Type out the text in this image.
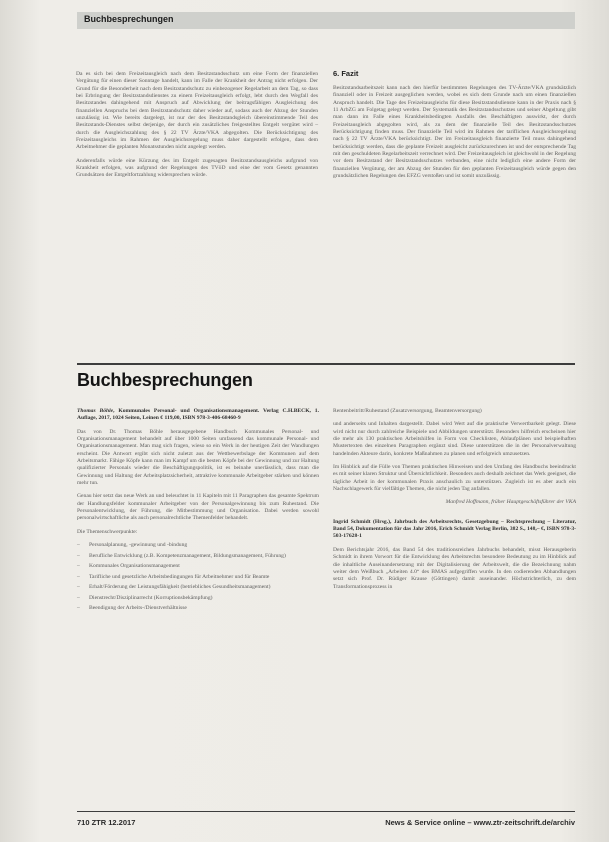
Buchbesprechungen

Da es sich bei dem Freizeitausgleich nach dem Besitzstandsschutz um eine Form der finanziellen Vergütung für einen dieser Sonntage handelt, kann im Falle der Krankheit der Antrag nicht erfolgen. Der Grund für die Besonderheit nach dem Besitzstandschutz zu einbezogener Regelarbeit an dem Tag, so dass bei Erbringung der Besitzstandsdienstes zu einem Freizeitausgleich erfolgt, lebt durch den Wegfall des Besitzstandes dahingehend mit Anspruch auf Abwicklung der beitragsfähigen Ausgleichung des finanziellen Anspruchs bei dem Besitzstandschutz daher wieder auf, sodass auch der Abzug der Stunden unzulässig ist. Wie bereits dargelegt, ist nur der des Besitzstandsgleich übereinstimmende Teil des Besitzstands-Dienstes selbst derjenige, der durch ein zusätzliches freigestelltes Entgelt vergütet wird – durch die Ausgleichszahlung des § 22 TV Ärzte/VKA abgegolten. Die Berücksichtigung des Freizeitausgleichs im Rahmen der Ausgleichsregelung muss daher dargestellt erfolgen, dass dem Arbeitnehmer die geplanten Monatsstunden nicht angelegt werden.

Anderenfalls würde eine Kürzung des im Entgelt zugesagten Besitzstandsausgleichs aufgrund von Krankheit erfolgen, was aufgrund der Regelungen des TVöD und eine der vom Gesetz genannten Grundsätzen der Entgeltfortzahlung widersprechen würde.

6. Fazit

Besitzstandsarbeitszeit kann nach den hierfür bestimmten Regelungen des TV-Ärzte/VKA grundsätzlich finanziell oder in Freizeit ausgeglichen werden, wobei es sich dem Grunde nach um einen finanziellen Anspruch handelt. Die Tage des Freizeitausgleichs für diese Besitzstandsdienste kann in der Praxis nach § 11 ArbZG am Folgetag gelegt werden. Der Systematik des Besitzstandsschutzes und seiner Abgeltung gibt man dann im Falle eines Krankheitsbedingten Ausfalls des Beschäftigten auswirkt, der durch Freizeitausgleich abgegolten wird, als zu dem der finanzielle Teil des Besitzstandsschutzes Berücksichtigung finden muss. Der finanzielle Teil wird im Rahmen der tariflichen Ausgleichsregelung nach § 22 TV Ärzte/VKA berücksichtigt. Der im Freizeitausgleich finanzierte Teil muss dahingehend berücksichtigt werden, dass die geplante Freizeit ausgleicht zurückzurechnen ist und der entsprechende Tag mit den geschuldeten Regelarbeitszeit verrechnet wird. Der Freizeitausgleich ist gleichwohl in der Regelung vor dem Besitzstand der Besitzstandsschutzes verbunden, eine nicht lediglich eine andere Form der finanziellen Vergütung, der am Abzug der Stunden für den geplanten Freizeitausgleich würde gegen den grundsätzlichen Regelungen des EFZG verstoßen und ist somit unzulässig.

Buchbesprechungen

Thomas Böhle, Kommunales Personal- und Organisationsmanagement. Verlag C.H.BECK, 1. Auflage, 2017, 1024 Seiten, Leinen € 119,00, ISBN 978-3-406-68460-9

Das von Dr. Thomas Böhle herausgegebene Handbuch Kommunales Personal- und Organisationsmanagement behandelt auf über 1000 Seiten umfassend das kommunale Personal- und Organisationsmanagement. Man mag sich fragen, wieso so ein Werk in der heutigen Zeit der Wandlungen erscheint. Die Antwort ergibt sich nicht zuletzt aus der Wettbewerbslage der Kommunen auf dem Arbeitsmarkt. Fähige Köpfe kann man im Kampf um die besten Köpfe bei der Gewinnung und zur Haltung qualifizierter Personals wieder die Beschäftigungspolitik, ist es beinahe unerlässlich, dass man die Gewinnung und Haltung der Arbeitsplatzsicherheit, attraktive kommunale Arbeitgeber stärken und können mehr tun.

Genau hier setzt das neue Werk an und beleuchtet in 11 Kapiteln mit 11 Paragraphen das gesamte Spektrum der Handlungsfelder kommunaler Arbeitgeber von der Personalgewinnung bis zum Ruhestand. Die Personalentwicklung, der Führung, die Mitbestimmung und Organisation. Dabei werden sowohl personalwirtschaftliche als auch personalrechtliche Themenfelder behandelt.

Die Themenschwerpunkte:

– Personalplanung, -gewinnung und -bindung
– Berufliche Entwicklung (z.B. Kompetenzmanagement, Bildungsmanagement, Führung)
– Kommunales Organisationsmanagement
– Tarifliche und gesetzliche Arbeitsbedingungen für Arbeitnehmer und für Beamte
– Erhalt/Förderung der Leistungsfähigkeit (betriebliches Gesundheitsmanagement)
– Dienstrecht/Disziplinarrecht (Korruptionsbekämpfung)
– Beendigung der Arbeits-/Dienstverhältnisse

Rentenbeitritt/Ruhestand (Zusatzversorgung, Beamtenversorgung)

und anderseits und Inhalten dargestellt. Dabei wird Wert auf die praktische Verwertbarkeit gelegt. Diese wird nicht nur durch zahlreiche Beispiele und Abbildungen unterstützt. Besonders hilfreich erscheinen hier die mehr als 130 praktischen Arbeitshilfen in Form von Checklisten, Ablaufplänen und beispielhaften Mustertexten des einzelnen Paragraphen ergänzt sind. Diese unterstützen die in der Personalverwaltung handelnden Akteure darin, konkrete Maßnahmen zu planen und erfolgreich umzusetzen.

Im Hinblick auf die Fülle von Themen praktischen Hinweisen und den Umfang des Handbuchs beeindruckt es mit seiner klaren Struktur und Übersichtlichkeit. Besonders auch deshalb zeichnet das Werk geeignet, die tägliche Arbeit in der kommunalen Praxis anschaulich zu unterstützen. Zugleich ist es aber auch ein Nachschlagewerk für vielfältige Themen, die nicht jeden Tag anfallen.

Manfred Hoffmann, früher Hauptgeschäftsführer der VKA

Ingrid Schmidt (Hrsg.), Jahrbuch des Arbeitsrechts, Gesetzgebung – Rechtsprechung – Literatur, Band 54, Dokumentation für das Jahr 2016, Erich Schmidt Verlag Berlin, 382 S., 148,– €, ISBN 978-3-503-17628-1

Dem Berichtsjahr 2016, das Band 54 des traditionsreichen Jahrbuchs behandelt, misst Herausgeberin Schmidt in ihrem Vorwort für die Entwicklung des Arbeitsrechts besondere Bedeutung zu im Hinblick auf die inhaltliche Auseinandersetzung mit der Digitalisierung der Arbeitswelt, die die Bezeichnung nahm weiter dem Weißbuch „Arbeiten 4.0“ des BMAS aufgegriffen wurde. In den codierenden Abhandlungen setzt sich Prof. Dr. Rüdiger Krause (Göttingen) damit auseinander. Höchstrichterlich, zu dem Transformationsprozess in

710 ZTR 12.2017	News & Service online – www.ztr-zeitschrift.de/archiv
